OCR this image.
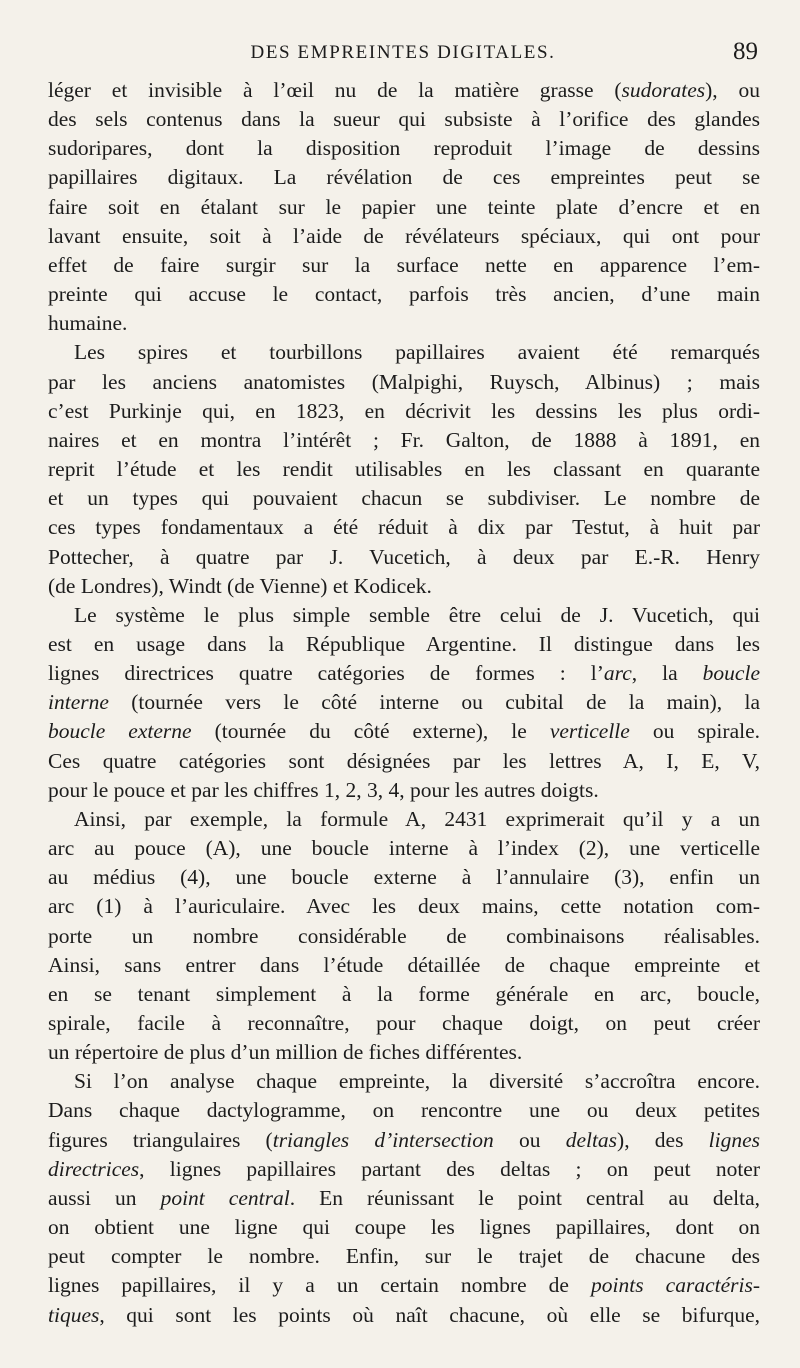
DES EMPREINTES DIGITALES.	89
léger et invisible à l’œil nu de la matière grasse (sudorates), ou
des sels contenus dans la sueur qui subsiste à l’orifice des glandes
sudoripares, dont la disposition reproduit l’image de dessins
papillaires digitaux. La révélation de ces empreintes peut se
faire soit en étalant sur le papier une teinte plate d’encre et en
lavant ensuite, soit à l’aide de révélateurs spéciaux, qui ont pour
effet de faire surgir sur la surface nette en apparence l’em-
preinte qui accuse le contact, parfois très ancien, d’une main
humaine.
Les spires et tourbillons papillaires avaient été remarqués
par les anciens anatomistes (Malpighi, Ruysch, Albinus) ; mais
c’est Purkinje qui, en 1823, en décrivit les dessins les plus ordi-
naires et en montra l’intérêt ; Fr. Galton, de 1888 à 1891, en
reprit l’étude et les rendit utilisables en les classant en quarante
et un types qui pouvaient chacun se subdiviser. Le nombre de
ces types fondamentaux a été réduit à dix par Testut, à huit par
Pottecher, à quatre par J. Vucetich, à deux par E.-R. Henry
(de Londres), Windt (de Vienne) et Kodicek.
Le système le plus simple semble être celui de J. Vucetich, qui
est en usage dans la République Argentine. Il distingue dans les
lignes directrices quatre catégories de formes : l’arc, la boucle
interne (tournée vers le côté interne ou cubital de la main), la
boucle externe (tournée du côté externe), le verticelle ou spirale.
Ces quatre catégories sont désignées par les lettres A, I, E, V,
pour le pouce et par les chiffres 1, 2, 3, 4, pour les autres doigts.
Ainsi, par exemple, la formule A, 2431 exprimerait qu’il y a un
arc au pouce (A), une boucle interne à l’index (2), une verticelle
au médius (4), une boucle externe à l’annulaire (3), enfin un
arc (1) à l’auriculaire. Avec les deux mains, cette notation com-
porte un nombre considérable de combinaisons réalisables.
Ainsi, sans entrer dans l’étude détaillée de chaque empreinte et
en se tenant simplement à la forme générale en arc, boucle,
spirale, facile à reconnaître, pour chaque doigt, on peut créer
un répertoire de plus d’un million de fiches différentes.
Si l’on analyse chaque empreinte, la diversité s’accroîtra encore.
Dans chaque dactylogramme, on rencontre une ou deux petites
figures triangulaires (triangles d’intersection ou deltas), des lignes
directrices, lignes papillaires partant des deltas ; on peut noter
aussi un point central. En réunissant le point central au delta,
on obtient une ligne qui coupe les lignes papillaires, dont on
peut compter le nombre. Enfin, sur le trajet de chacune des
lignes papillaires, il y a un certain nombre de points caractéris-
tiques, qui sont les points où naît chacune, où elle se bifurque,
